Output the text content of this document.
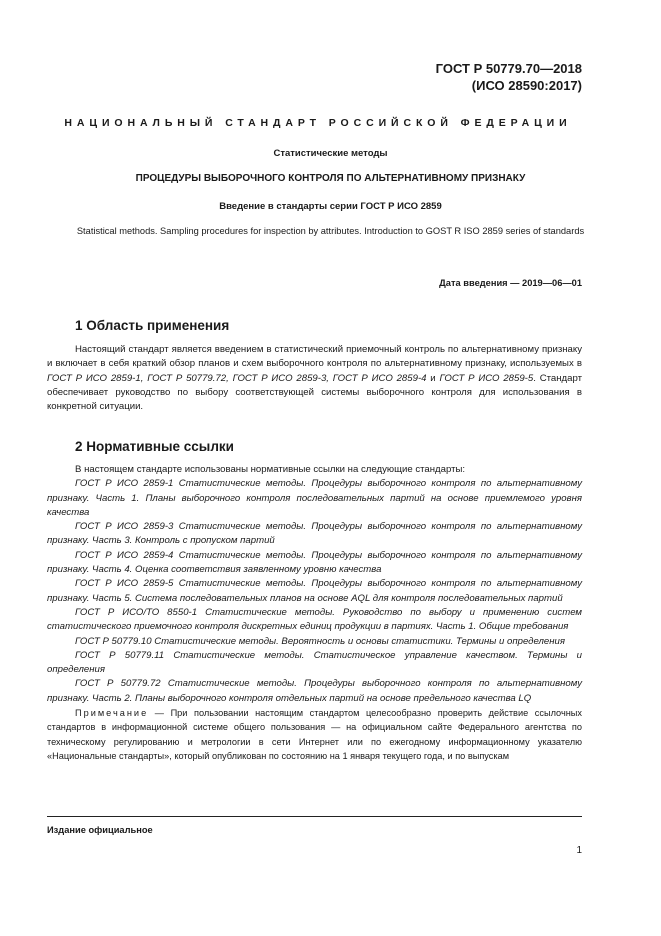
ГОСТ Р 50779.70—2018
(ИСО 28590:2017)
НАЦИОНАЛЬНЫЙ СТАНДАРТ РОССИЙСКОЙ ФЕДЕРАЦИИ
Статистические методы
ПРОЦЕДУРЫ ВЫБОРОЧНОГО КОНТРОЛЯ ПО АЛЬТЕРНАТИВНОМУ ПРИЗНАКУ
Введение в стандарты серии ГОСТ Р ИСО 2859
Statistical methods. Sampling procedures for inspection by attributes. Introduction to GOST R ISO 2859 series of standards
Дата введения — 2019—06—01
1 Область применения

Настоящий стандарт является введением в статистический приемочный контроль по альтернативному признаку и включает в себя краткий обзор планов и схем выборочного контроля по альтернативному признаку, используемых в ГОСТ Р ИСО 2859-1, ГОСТ Р 50779.72, ГОСТ Р ИСО 2859-3, ГОСТ Р ИСО 2859-4 и ГОСТ Р ИСО 2859-5. Стандарт обеспечивает руководство по выбору соответствующей системы выборочного контроля для использования в конкретной ситуации.

2 Нормативные ссылки

В настоящем стандарте использованы нормативные ссылки на следующие стандарты:

ГОСТ Р ИСО 2859-1 Статистические методы. Процедуры выборочного контроля по альтернативному признаку. Часть 1. Планы выборочного контроля последовательных партий на основе приемлемого уровня качества

ГОСТ Р ИСО 2859-3 Статистические методы. Процедуры выборочного контроля по альтернативному признаку. Часть 3. Контроль с пропуском партий

ГОСТ Р ИСО 2859-4 Статистические методы. Процедуры выборочного контроля по альтернативному признаку. Часть 4. Оценка соответствия заявленному уровню качества

ГОСТ Р ИСО 2859-5 Статистические методы. Процедуры выборочного контроля по альтернативному признаку. Часть 5. Система последовательных планов на основе AQL для контроля последовательных партий

ГОСТ Р ИСО/ТО 8550-1 Статистические методы. Руководство по выбору и применению систем статистического приемочного контроля дискретных единиц продукции в партиях. Часть 1. Общие требования

ГОСТ Р 50779.10 Статистические методы. Вероятность и основы статистики. Термины и определения

ГОСТ Р 50779.11 Статистические методы. Статистическое управление качеством. Термины и определения

ГОСТ Р 50779.72 Статистические методы. Процедуры выборочного контроля по альтернативному признаку. Часть 2. Планы выборочного контроля отдельных партий на основе предельного качества LQ

Примечание — При пользовании настоящим стандартом целесообразно проверить действие ссылочных стандартов в информационной системе общего пользования — на официальном сайте Федерального агентства по техническому регулированию и метрологии в сети Интернет или по ежегодному информационному указателю «Национальные стандарты», который опубликован по состоянию на 1 января текущего года, и по выпускам

Издание официальное
1
